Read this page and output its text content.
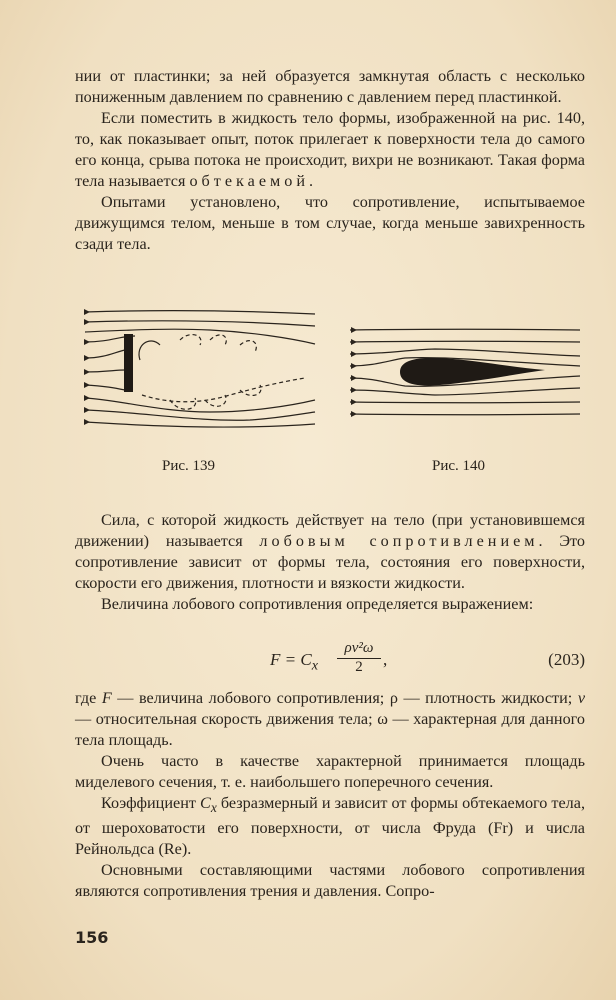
нии от пластинки; за ней образуется замкнутая область с несколько пониженным давлением по сравнению с давлением перед пластинкой.

Если поместить в жидкость тело формы, изображенной на рис. 140, то, как показывает опыт, поток прилегает к поверхности тела до самого его конца, срыва потока не происходит, вихри не возникают. Такая форма тела называется обтекаемой.

Опытами установлено, что сопротивление, испытываемое движущимся телом, меньше в том случае, когда меньше завихренность сзади тела.

Рис. 139	Рис. 140

Сила, с которой жидкость действует на тело (при установившемся движении) называется лобовым сопротивлением. Это сопротивление зависит от формы тела, состояния его поверхности, скорости его движения, плотности и вязкости жидкости.

Величина лобового сопротивления определяется выражением:

$F = C_x \frac{\text{ρv²ω}}{2}$ ,	(203)

где F — величина лобового сопротивления; ρ — плотность жидкости; v — относительная скорость движения тела; ω — характерная для данного тела площадь.

Очень часто в качестве характерной принимается площадь миделевого сечения, т. е. наибольшего поперечного сечения.

Коэффициент $C_x$ безразмерный и зависит от формы обтекаемого тела, от шероховатости его поверхности, от числа Фруда (Fr) и числа Рейнольдса (Re).

Основными составляющими частями лобового сопротивления являются сопротивления трения и давления. Сопро-

156
